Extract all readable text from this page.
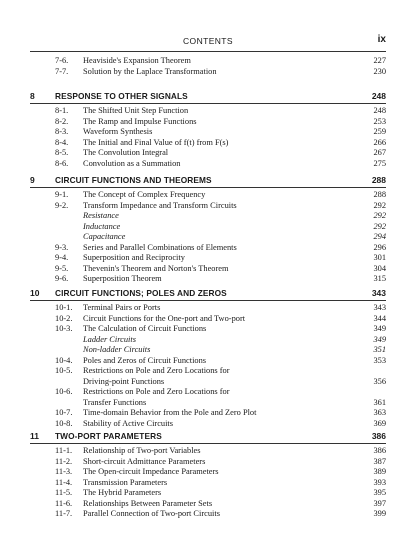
CONTENTS	ix
7-6. Heaviside's Expansion Theorem	227
7-7. Solution by the Laplace Transformation	230
8 RESPONSE TO OTHER SIGNALS	248
8-1. The Shifted Unit Step Function	248
8-2. The Ramp and Impulse Functions	253
8-3. Waveform Synthesis	259
8-4. The Initial and Final Value of f(t) from F(s)	266
8-5. The Convolution Integral	267
8-6. Convolution as a Summation	275
9 CIRCUIT FUNCTIONS AND THEOREMS	288
9-1. The Concept of Complex Frequency	288
9-2. Transform Impedance and Transform Circuits	292
Resistance	292
Inductance	292
Capacitance	294
9-3. Series and Parallel Combinations of Elements	296
9-4. Superposition and Reciprocity	301
9-5. Thevenin's Theorem and Norton's Theorem	304
9-6. Superposition Theorem	315
10 CIRCUIT FUNCTIONS; POLES AND ZEROS	343
10-1. Terminal Pairs or Ports	343
10-2. Circuit Functions for the One-port and Two-port	344
10-3. The Calculation of Circuit Functions	349
Ladder Circuits	349
Non-ladder Circuits	351
10-4. Poles and Zeros of Circuit Functions	353
10-5. Restrictions on Pole and Zero Locations for
Driving-point Functions	356
10-6. Restrictions on Pole and Zero Locations for
Transfer Functions	361
10-7. Time-domain Behavior from the Pole and Zero Plot	363
10-8. Stability of Active Circuits	369
11 TWO-PORT PARAMETERS	386
11-1. Relationship of Two-port Variables	386
11-2. Short-circuit Admittance Parameters	387
11-3. The Open-circuit Impedance Parameters	389
11-4. Transmission Parameters	393
11-5. The Hybrid Parameters	395
11-6. Relationships Between Parameter Sets	397
11-7. Parallel Connection of Two-port Circuits	399
